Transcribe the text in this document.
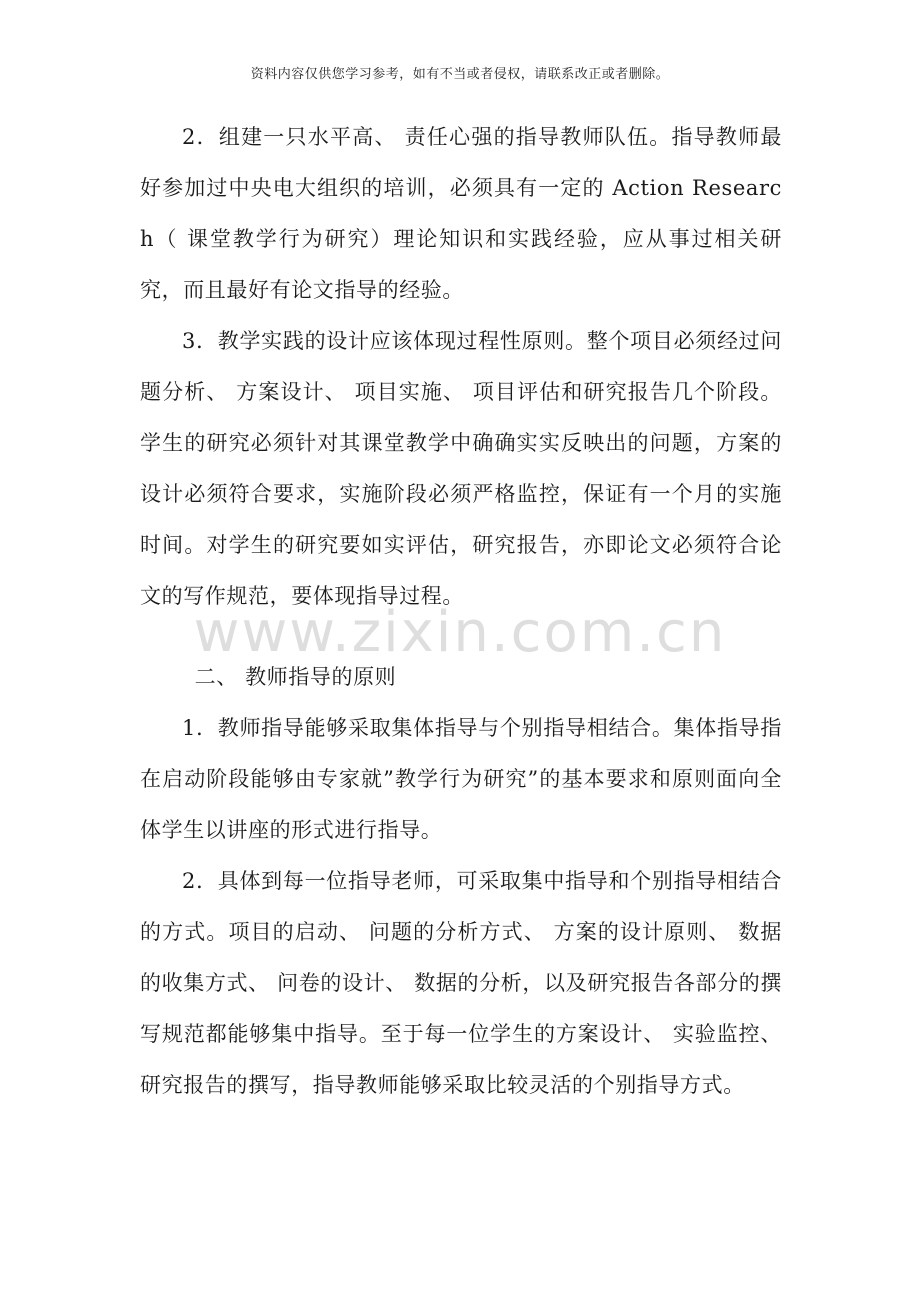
资料内容仅供您学习参考，如有不当或者侵权，请联系改正或者删除。
www.zixin.com.cn

2．组建一只水平高、 责任心强的指导教师队伍。指导教师最好参加过中央电大组织的培训，必须具有一定的 Action Research（ 课堂教学行为研究）理论知识和实践经验，应从事过相关研究，而且最好有论文指导的经验。

3．教学实践的设计应该体现过程性原则。整个项目必须经过问题分析、 方案设计、 项目实施、 项目评估和研究报告几个阶段。学生的研究必须针对其课堂教学中确确实实反映出的问题，方案的设计必须符合要求，实施阶段必须严格监控，保证有一个月的实施时间。对学生的研究要如实评估，研究报告，亦即论文必须符合论文的写作规范，要体现指导过程。

二、 教师指导的原则

1．教师指导能够采取集体指导与个别指导相结合。集体指导指在启动阶段能够由专家就”教学行为研究”的基本要求和原则面向全体学生以讲座的形式进行指导。

2．具体到每一位指导老师，可采取集中指导和个别指导相结合的方式。项目的启动、 问题的分析方式、 方案的设计原则、 数据的收集方式、 问卷的设计、 数据的分析，以及研究报告各部分的撰写规范都能够集中指导。至于每一位学生的方案设计、 实验监控、 研究报告的撰写，指导教师能够采取比较灵活的个别指导方式。
